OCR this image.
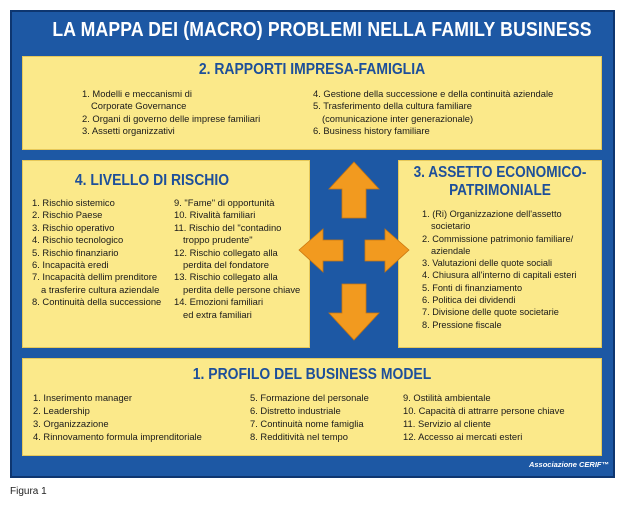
LA MAPPA DEI (MACRO) PROBLEMI NELLA FAMILY BUSINESS
2. RAPPORTI IMPRESA-FAMIGLIA
1. Modelli e meccanismi di
Corporate Governance
2. Organi di governo delle imprese familiari
3. Assetti organizzativi
4. Gestione della successione e della continuità aziendale
5. Trasferimento della cultura familiare
(comunicazione inter generazionale)
6. Business history familiare
4. LIVELLO DI RISCHIO
1. Rischio sistemico
2. Rischio Paese
3. Rischio operativo
4. Rischio tecnologico
5. Rischio finanziario
6. Incapacità eredi
7. Incapacità dellim prenditore
a trasferire cultura aziendale
8. Continuità della successione
9. "Fame" di opportunità
10. Rivalità familiari
11. Rischio del "contadino
troppo prudente"
12. Rischio collegato alla
perdita del fondatore
13. Rischio collegato alla
perdita delle persone chiave
14. Emozioni familiari
ed extra familiari
3. ASSETTO ECONOMICO-
PATRIMONIALE
1. (Ri) Organizzazione dell'assetto
societario
2. Commissione patrimonio familiare/
aziendale
3. Valutazioni delle quote sociali
4. Chiusura all'interno di capitali esteri
5. Fonti di finanziamento
6. Politica dei dividendi
7. Divisione delle quote societarie
8. Pressione fiscale
1. PROFILO DEL BUSINESS MODEL
1. Inserimento manager
2. Leadership
3. Organizzazione
4. Rinnovamento formula imprenditoriale
5. Formazione del personale
6. Distretto industriale
7. Continuità nome famiglia
8. Redditività nel tempo
9. Ostilità ambientale
10. Capacità di attrarre persone chiave
11. Servizio al cliente
12. Accesso ai mercati esteri
Associazione CERIF™
Figura 1
